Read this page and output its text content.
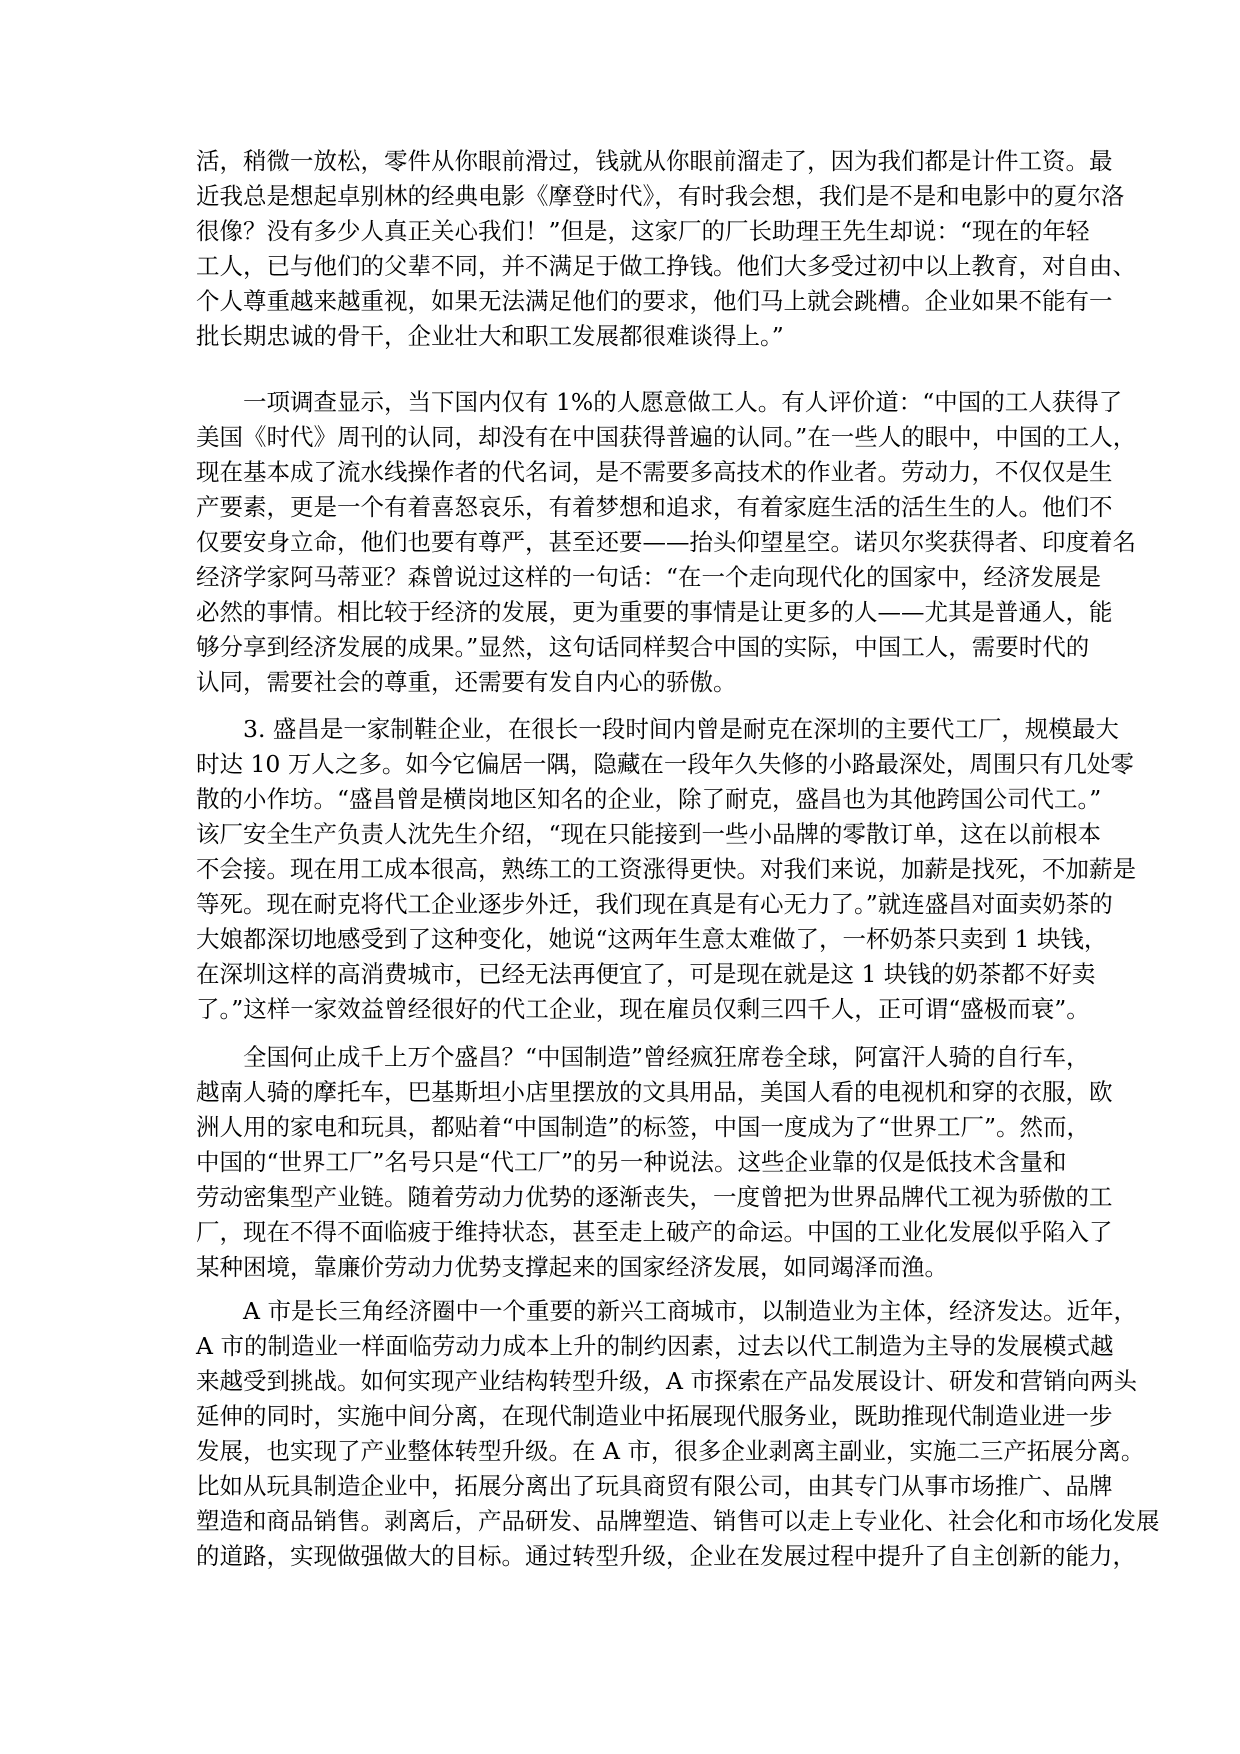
活，稍微一放松，零件从你眼前滑过，钱就从你眼前溜走了，因为我们都是计件工资。最
近我总是想起卓别林的经典电影《摩登时代》，有时我会想，我们是不是和电影中的夏尔洛
很像？没有多少人真正关心我们！”但是，这家厂的厂长助理王先生却说：“现在的年轻
工人，已与他们的父辈不同，并不满足于做工挣钱。他们大多受过初中以上教育，对自由、
个人尊重越来越重视，如果无法满足他们的要求，他们马上就会跳槽。企业如果不能有一
批长期忠诚的骨干，企业壮大和职工发展都很难谈得上。”
　　一项调查显示，当下国内仅有 1%的人愿意做工人。有人评价道：“中国的工人获得了
美国《时代》周刊的认同，却没有在中国获得普遍的认同。”在一些人的眼中，中国的工人，
现在基本成了流水线操作者的代名词，是不需要多高技术的作业者。劳动力，不仅仅是生
产要素，更是一个有着喜怒哀乐，有着梦想和追求，有着家庭生活的活生生的人。他们不
仅要安身立命，他们也要有尊严，甚至还要——抬头仰望星空。诺贝尔奖获得者、印度着名
经济学家阿马蒂亚？森曾说过这样的一句话：“在一个走向现代化的国家中，经济发展是
必然的事情。相比较于经济的发展，更为重要的事情是让更多的人——尤其是普通人，能
够分享到经济发展的成果。”显然，这句话同样契合中国的实际，中国工人，需要时代的
认同，需要社会的尊重，还需要有发自内心的骄傲。
　　3. 盛昌是一家制鞋企业，在很长一段时间内曾是耐克在深圳的主要代工厂，规模最大
时达 10 万人之多。如今它偏居一隅，隐藏在一段年久失修的小路最深处，周围只有几处零
散的小作坊。“盛昌曾是横岗地区知名的企业，除了耐克，盛昌也为其他跨国公司代工。”
该厂安全生产负责人沈先生介绍，“现在只能接到一些小品牌的零散订单，这在以前根本
不会接。现在用工成本很高，熟练工的工资涨得更快。对我们来说，加薪是找死，不加薪是
等死。现在耐克将代工企业逐步外迁，我们现在真是有心无力了。”就连盛昌对面卖奶茶的
大娘都深切地感受到了这种变化，她说“这两年生意太难做了，一杯奶茶只卖到 1 块钱，
在深圳这样的高消费城市，已经无法再便宜了，可是现在就是这 1 块钱的奶茶都不好卖
了。”这样一家效益曾经很好的代工企业，现在雇员仅剩三四千人，正可谓“盛极而衰”。
　　全国何止成千上万个盛昌？“中国制造”曾经疯狂席卷全球，阿富汗人骑的自行车，
越南人骑的摩托车，巴基斯坦小店里摆放的文具用品，美国人看的电视机和穿的衣服，欧
洲人用的家电和玩具，都贴着“中国制造”的标签，中国一度成为了“世界工厂”。然而，
中国的“世界工厂”名号只是“代工厂”的另一种说法。这些企业靠的仅是低技术含量和
劳动密集型产业链。随着劳动力优势的逐渐丧失，一度曾把为世界品牌代工视为骄傲的工
厂，现在不得不面临疲于维持状态，甚至走上破产的命运。中国的工业化发展似乎陷入了
某种困境，靠廉价劳动力优势支撑起来的国家经济发展，如同竭泽而渔。
　　A 市是长三角经济圈中一个重要的新兴工商城市，以制造业为主体，经济发达。近年，
A 市的制造业一样面临劳动力成本上升的制约因素，过去以代工制造为主导的发展模式越
来越受到挑战。如何实现产业结构转型升级，A 市探索在产品发展设计、研发和营销向两头
延伸的同时，实施中间分离，在现代制造业中拓展现代服务业，既助推现代制造业进一步
发展，也实现了产业整体转型升级。在 A 市，很多企业剥离主副业，实施二三产拓展分离。
比如从玩具制造企业中，拓展分离出了玩具商贸有限公司，由其专门从事市场推广、品牌
塑造和商品销售。剥离后，产品研发、品牌塑造、销售可以走上专业化、社会化和市场化发展
的道路，实现做强做大的目标。通过转型升级，企业在发展过程中提升了自主创新的能力，
